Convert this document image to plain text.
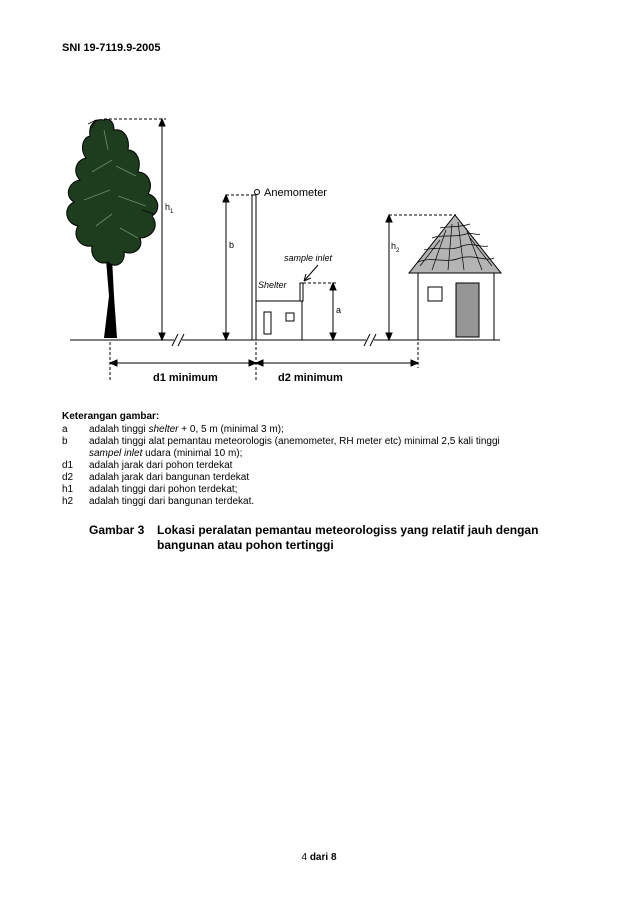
SNI 19-7119.9-2005
$h_1$
b
Anemometer
Shelter
sample inlet
a
$h_2$
d1 minimum	d2 minimum
Keterangan gambar:
a adalah tinggi shelter + 0, 5 m (minimal 3 m);
b adalah tinggi alat pemantau meteorologis (anemometer, RH meter etc) minimal 2,5 kali tinggi
sampel inlet udara (minimal 10 m);
d1 adalah jarak dari pohon terdekat
d2 adalah jarak dari bangunan terdekat
h1 adalah tinggi dari pohon terdekat;
h2 adalah tinggi dari bangunan terdekat.
Gambar 3 Lokasi peralatan pemantau meteorologiss yang relatif jauh dengan
bangunan atau pohon tertinggi
4 dari 8
